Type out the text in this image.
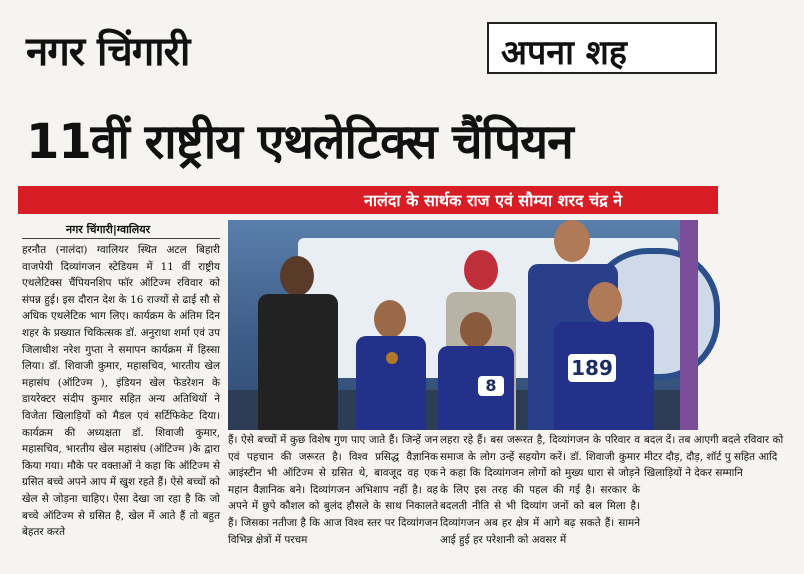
नगर चिंगारी	अपना शह
11वीं राष्ट्रीय एथलेटिक्स चैंपियन
नालंदा के सार्थक राज एवं सौम्या शरद चंद्र ने
नगर चिंगारी|ग्वालियर

हरनौत (नालंदा) ग्वालियर स्थित अटल बिहारी वाजपेयी दिव्यांगजन स्टेडियम में 11 वीं राष्ट्रीय एथलेटिक्स चैंपियनशिप फॉर ऑटिज्म रविवार को संपन्न हुई। इस दौरान देश के 16 राज्यों से ढाई सौ से अधिक एथलेटिक भाग लिए। कार्यक्रम के अंतिम दिन शहर के प्रख्यात चिकित्सक डॉ. अनुराधा शर्मा एवं उप जिलाधीश नरेश गुप्ता ने समापन कार्यक्रम में हिस्सा लिया। डॉ. शिवाजी कुमार, महासचिव, भारतीय खेल महासंघ (ऑटिज्म ), इंडियन खेल फेडरेशन के डायरेक्टर संदीप कुमार सहित अन्य अतिथियों ने विजेता खिलाड़ियों को मैडल एवं सर्टिफिकेट दिया। कार्यक्रम की अध्यक्षता डॉ. शिवाजी कुमार, महासचिव, भारतीय खेल महासंघ (ऑटिज्म )के द्वारा किया गया। मौके पर वक्ताओं ने कहा कि ऑटिज्म से ग्रसित बच्चे अपने आप में खुश रहते हैं। ऐसे बच्चों को खेल से जोड़ना चाहिए। ऐसा देखा जा रहा है कि जो बच्चे ऑटिज्म से ग्रसित है, खेल में आते हैं तो बहुत बेहतर करते

8
189

हैं। ऐसे बच्चों में कुछ विशेष गुण पाए जाते हैं। जिन्हें जन एवं पहचान की जरूरत है। विश्व प्रसिद्ध वैज्ञानिक आइंस्टीन भी ऑटिज्म से ग्रसित थे, बावजूद वह एक महान वैज्ञानिक बने। दिव्यांगजन अभिशाप नहीं है। वह अपने में छुपे कौशल को बुलंद हौसले के साथ निकालते हैं। जिसका नतीजा है कि आज विश्व स्तर पर दिव्यांगजन विभिन्न क्षेत्रों में परचम

लहरा रहे हैं। बस जरूरत है, दिव्यांगजन के परिवार व समाज के लोग उन्हें सहयोग करें। डॉ. शिवाजी कुमार ने कहा कि दिव्यांगजन लोगों को मुख्य धारा से जोड़ने के लिए इस तरह की पहल की गई है। सरकार के बदलती नीति से भी दिव्यांग जनों को बल मिला है। दिव्यांगजन अब हर क्षेत्र में आगे बढ़ सकते हैं। सामने आई हुई हर परेशानी को अवसर में

बदल दें। तब आएगी बदले रविवार को मीटर दौड़, दौड़, शॉर्ट पु सहित आदि खिलाड़ियों ने देकर सम्मानि
